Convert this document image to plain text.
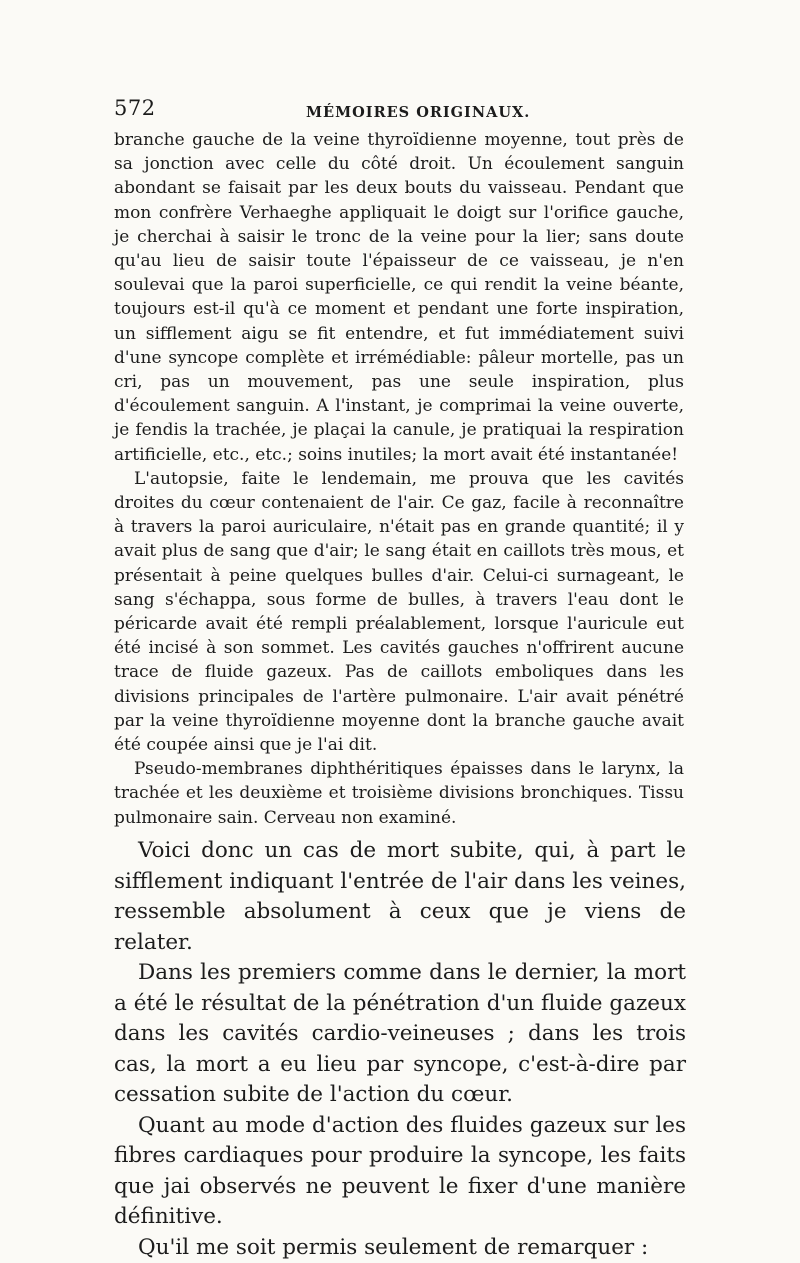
572	MÉMOIRES ORIGINAUX.

branche gauche de la veine thyroïdienne moyenne, tout près de sa jonction avec celle du côté droit. Un écoulement sanguin abondant se faisait par les deux bouts du vaisseau. Pendant que mon confrère Verhaeghe appliquait le doigt sur l'orifice gauche, je cherchai à saisir le tronc de la veine pour la lier; sans doute qu'au lieu de saisir toute l'épaisseur de ce vaisseau, je n'en soulevai que la paroi superficielle, ce qui rendit la veine béante, toujours est-il qu'à ce moment et pendant une forte inspiration, un sifflement aigu se fit entendre, et fut immédiatement suivi d'une syncope complète et irrémédiable: pâleur mortelle, pas un cri, pas un mouvement, pas une seule inspiration, plus d'écoulement sanguin. A l'instant, je comprimai la veine ouverte, je fendis la trachée, je plaçai la canule, je pratiquai la respiration artificielle, etc., etc.; soins inutiles; la mort avait été instantanée!

L'autopsie, faite le lendemain, me prouva que les cavités droites du cœur contenaient de l'air. Ce gaz, facile à reconnaître à travers la paroi auriculaire, n'était pas en grande quantité; il y avait plus de sang que d'air; le sang était en caillots très mous, et présentait à peine quelques bulles d'air. Celui-ci surnageant, le sang s'échappa, sous forme de bulles, à travers l'eau dont le péricarde avait été rempli préalablement, lorsque l'auricule eut été incisé à son sommet. Les cavités gauches n'offrirent aucune trace de fluide gazeux. Pas de caillots emboliques dans les divisions principales de l'artère pulmonaire. L'air avait pénétré par la veine thyroïdienne moyenne dont la branche gauche avait été coupée ainsi que je l'ai dit.

Pseudo-membranes diphthéritiques épaisses dans le larynx, la trachée et les deuxième et troisième divisions bronchiques. Tissu pulmonaire sain. Cerveau non examiné.

Voici donc un cas de mort subite, qui, à part le sifflement indiquant l'entrée de l'air dans les veines, ressemble absolument à ceux que je viens de relater.

Dans les premiers comme dans le dernier, la mort a été le résultat de la pénétration d'un fluide gazeux dans les cavités cardio-veineuses ; dans les trois cas, la mort a eu lieu par syncope, c'est-à-dire par cessation subite de l'action du cœur.

Quant au mode d'action des fluides gazeux sur les fibres cardiaques pour produire la syncope, les faits que jai observés ne peuvent le fixer d'une manière définitive.

Qu'il me soit permis seulement de remarquer :
